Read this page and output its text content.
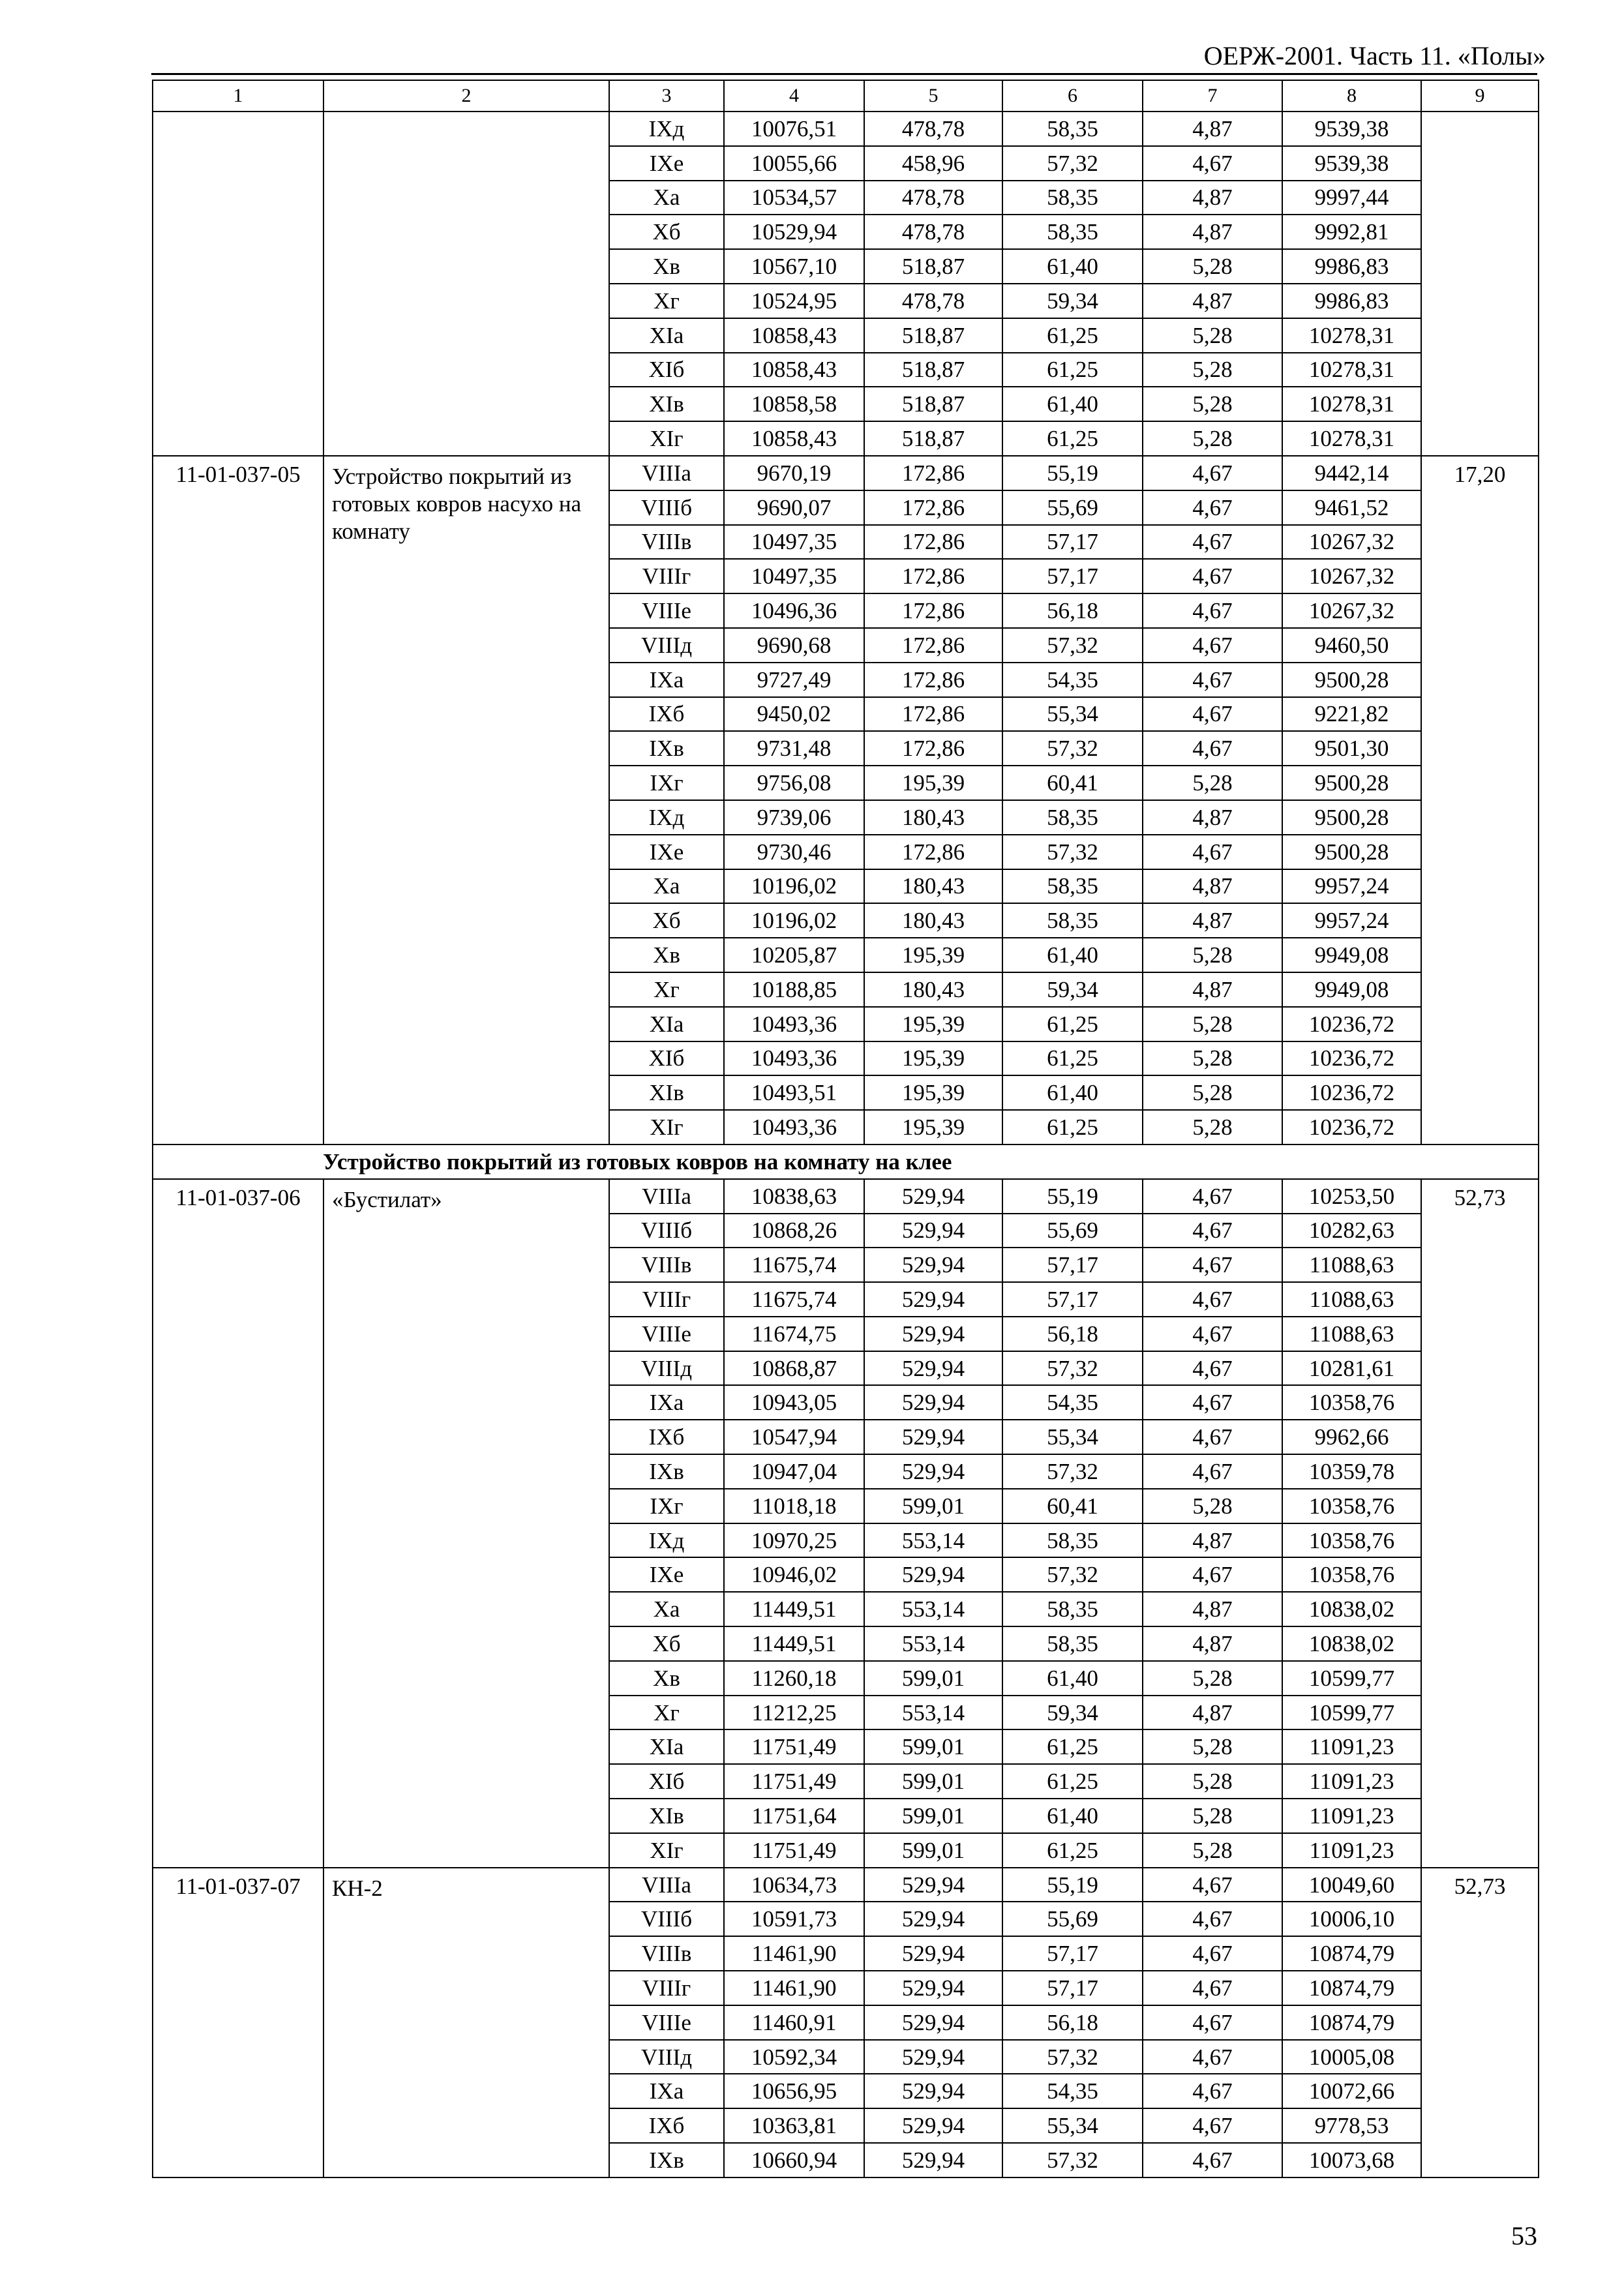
ОЕРЖ-2001. Часть 11. «Полы»
1	2	3	4	5	6	7	8	9
		IXд	10076,51	478,78	58,35	4,87	9539,38	
		IXе	10055,66	458,96	57,32	4,67	9539,38	
		Xа	10534,57	478,78	58,35	4,87	9997,44	
		Xб	10529,94	478,78	58,35	4,87	9992,81	
		Xв	10567,10	518,87	61,40	5,28	9986,83	
		Xг	10524,95	478,78	59,34	4,87	9986,83	
		XIа	10858,43	518,87	61,25	5,28	10278,31	
		XIб	10858,43	518,87	61,25	5,28	10278,31	
		XIв	10858,58	518,87	61,40	5,28	10278,31	
		XIг	10858,43	518,87	61,25	5,28	10278,31	
11-01-037-05	Устройство покрытий из готовых ковров насухо на комнату	VIIIа	9670,19	172,86	55,19	4,67	9442,14	17,20
		VIIIб	9690,07	172,86	55,69	4,67	9461,52	
		VIIIв	10497,35	172,86	57,17	4,67	10267,32	
		VIIIг	10497,35	172,86	57,17	4,67	10267,32	
		VIIIе	10496,36	172,86	56,18	4,67	10267,32	
		VIIIд	9690,68	172,86	57,32	4,67	9460,50	
		IXа	9727,49	172,86	54,35	4,67	9500,28	
		IXб	9450,02	172,86	55,34	4,67	9221,82	
		IXв	9731,48	172,86	57,32	4,67	9501,30	
		IXг	9756,08	195,39	60,41	5,28	9500,28	
		IXд	9739,06	180,43	58,35	4,87	9500,28	
		IXе	9730,46	172,86	57,32	4,67	9500,28	
		Xа	10196,02	180,43	58,35	4,87	9957,24	
		Xб	10196,02	180,43	58,35	4,87	9957,24	
		Xв	10205,87	195,39	61,40	5,28	9949,08	
		Xг	10188,85	180,43	59,34	4,87	9949,08	
		XIа	10493,36	195,39	61,25	5,28	10236,72	
		XIб	10493,36	195,39	61,25	5,28	10236,72	
		XIв	10493,51	195,39	61,40	5,28	10236,72	
		XIг	10493,36	195,39	61,25	5,28	10236,72	
Устройство покрытий из готовых ковров на комнату на клее								
11-01-037-06	«Бустилат»	VIIIа	10838,63	529,94	55,19	4,67	10253,50	52,73
		VIIIб	10868,26	529,94	55,69	4,67	10282,63	
		VIIIв	11675,74	529,94	57,17	4,67	11088,63	
		VIIIг	11675,74	529,94	57,17	4,67	11088,63	
		VIIIе	11674,75	529,94	56,18	4,67	11088,63	
		VIIIд	10868,87	529,94	57,32	4,67	10281,61	
		IXа	10943,05	529,94	54,35	4,67	10358,76	
		IXб	10547,94	529,94	55,34	4,67	9962,66	
		IXв	10947,04	529,94	57,32	4,67	10359,78	
		IXг	11018,18	599,01	60,41	5,28	10358,76	
		IXд	10970,25	553,14	58,35	4,87	10358,76	
		IXе	10946,02	529,94	57,32	4,67	10358,76	
		Xа	11449,51	553,14	58,35	4,87	10838,02	
		Xб	11449,51	553,14	58,35	4,87	10838,02	
		Xв	11260,18	599,01	61,40	5,28	10599,77	
		Xг	11212,25	553,14	59,34	4,87	10599,77	
		XIа	11751,49	599,01	61,25	5,28	11091,23	
		XIб	11751,49	599,01	61,25	5,28	11091,23	
		XIв	11751,64	599,01	61,40	5,28	11091,23	
		XIг	11751,49	599,01	61,25	5,28	11091,23	
11-01-037-07	КН-2	VIIIа	10634,73	529,94	55,19	4,67	10049,60	52,73
		VIIIб	10591,73	529,94	55,69	4,67	10006,10	
		VIIIв	11461,90	529,94	57,17	4,67	10874,79	
		VIIIг	11461,90	529,94	57,17	4,67	10874,79	
		VIIIе	11460,91	529,94	56,18	4,67	10874,79	
		VIIIд	10592,34	529,94	57,32	4,67	10005,08	
		IXа	10656,95	529,94	54,35	4,67	10072,66	
		IXб	10363,81	529,94	55,34	4,67	9778,53	
		IXв	10660,94	529,94	57,32	4,67	10073,68	
53
